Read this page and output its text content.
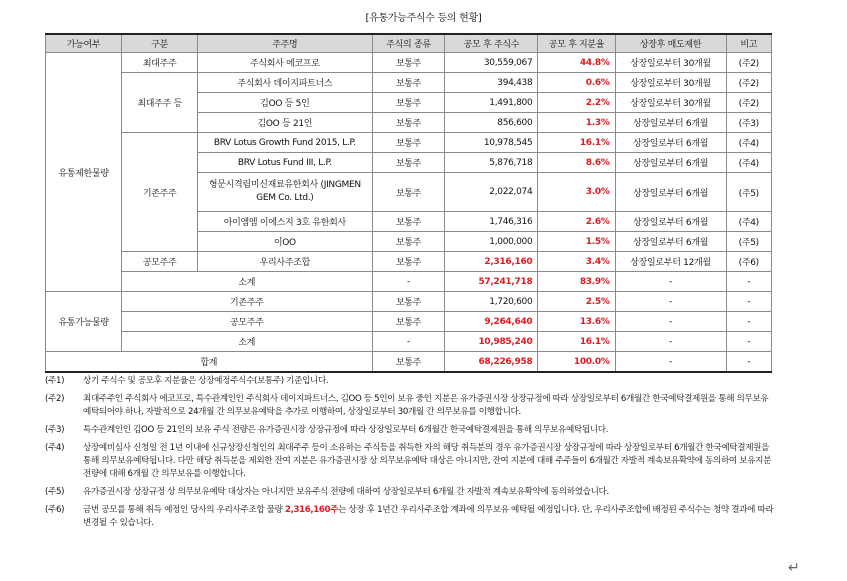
[유통가능주식수 등의 현황]
가능여부	구분	주주명	주식의 종류	공모 후 주식수	공모 후 지분율	상장후 매도제한	비고
유통제한물량	최대주주	주식회사 에코프로	보통주	30,559,067	44.8%	상장일로부터 30개월	(주2)
	최대주주 등	주식회사 데이지파트너스	보통주	394,438	0.6%	상장일로부터 30개월	(주2)
		김OO 등 5인	보통주	1,491,800	2.2%	상장일로부터 30개월	(주2)
		김OO 등 21인	보통주	856,600	1.3%	상장일로부터 6개월	(주3)
	기존주주	BRV Lotus Growth Fund 2015, L.P.	보통주	10,978,545	16.1%	상장일로부터 6개월	(주4)
		BRV Lotus Fund III, L.P.	보통주	5,876,718	8.6%	상장일로부터 6개월	(주4)
		형문시격림미신재료유한회사 (JINGMEN GEM Co. Ltd.)	보통주	2,022,074	3.0%	상장일로부터 6개월	(주5)
		아이엠엠 이에스지 3호 유한회사	보통주	1,746,316	2.6%	상장일로부터 6개월	(주4)
		이OO	보통주	1,000,000	1.5%	상장일로부터 6개월	(주5)
	공모주주	우리사주조합	보통주	2,316,160	3.4%	상장일로부터 12개월	(주6)
	소계		-	57,241,718	83.9%	-	-
유통가능물량	기존주주		보통주	1,720,600	2.5%	-	-
	공모주주		보통주	9,264,640	13.6%	-	-
	소계		-	10,985,240	16.1%	-	-
합계			보통주	68,226,958	100.0%	-	-
(주1)	상기 주식수 및 공모후 지분율은 상장예정주식수(보통주) 기준입니다.
(주2)	최대주주인 주식회사 에코프로, 특수관계인인 주식회사 데이지파트너스, 김OO 등 5인이 보유 중인 지분은 유가증권시장 상장규정에 따라 상장일로부터 6개월간 한국예탁결제원을 통해 의무보유예탁되어야 하나, 자발적으로 24개월 간 의무보유예탁을 추가로 이행하여, 상장일로부터 30개월 간 의무보유를 이행합니다.
(주3)	특수관계인인 김OO 등 21인의 보유 주식 전량은 유가증권시장 상장규정에 따라 상장일로부터 6개월간 한국예탁결제원을 통해 의무보유예탁됩니다.
(주4)	상장예비심사 신청일 전 1년 이내에 신규상장신청인의 최대주주 등이 소유하는 주식등을 취득한 자의 해당 취득분의 경우 유가증권시장 상장규정에 따라 상장일로부터 6개월간 한국예탁결제원을 통해 의무보유예탁됩니다. 다만 해당 취득분을 제외한 잔여 지분은 유가증권시장 상 의무보유예탁 대상은 아니지만, 잔여 지분에 대해 주주들이 6개월간 자발적 계속보유확약에 동의하여 보유지분 전량에 대해 6개월 간 의무보유를 이행합니다.
(주5)	유가증권시장 상장규정 상 의무보유예탁 대상자는 아니지만 보유주식 전량에 대하여 상장일로부터 6개월 간 자발적 계속보유확약에 동의하였습니다.
(주6)	금번 공모를 통해 취득 예정인 당사의 우리사주조합 물량 2,316,160주는 상장 후 1년간 우리사주조합 계좌에 의무보유 예탁될 예정입니다. 단, 우리사주조합에 배정된 주식수는 청약 결과에 따라 변경될 수 있습니다.
↵
